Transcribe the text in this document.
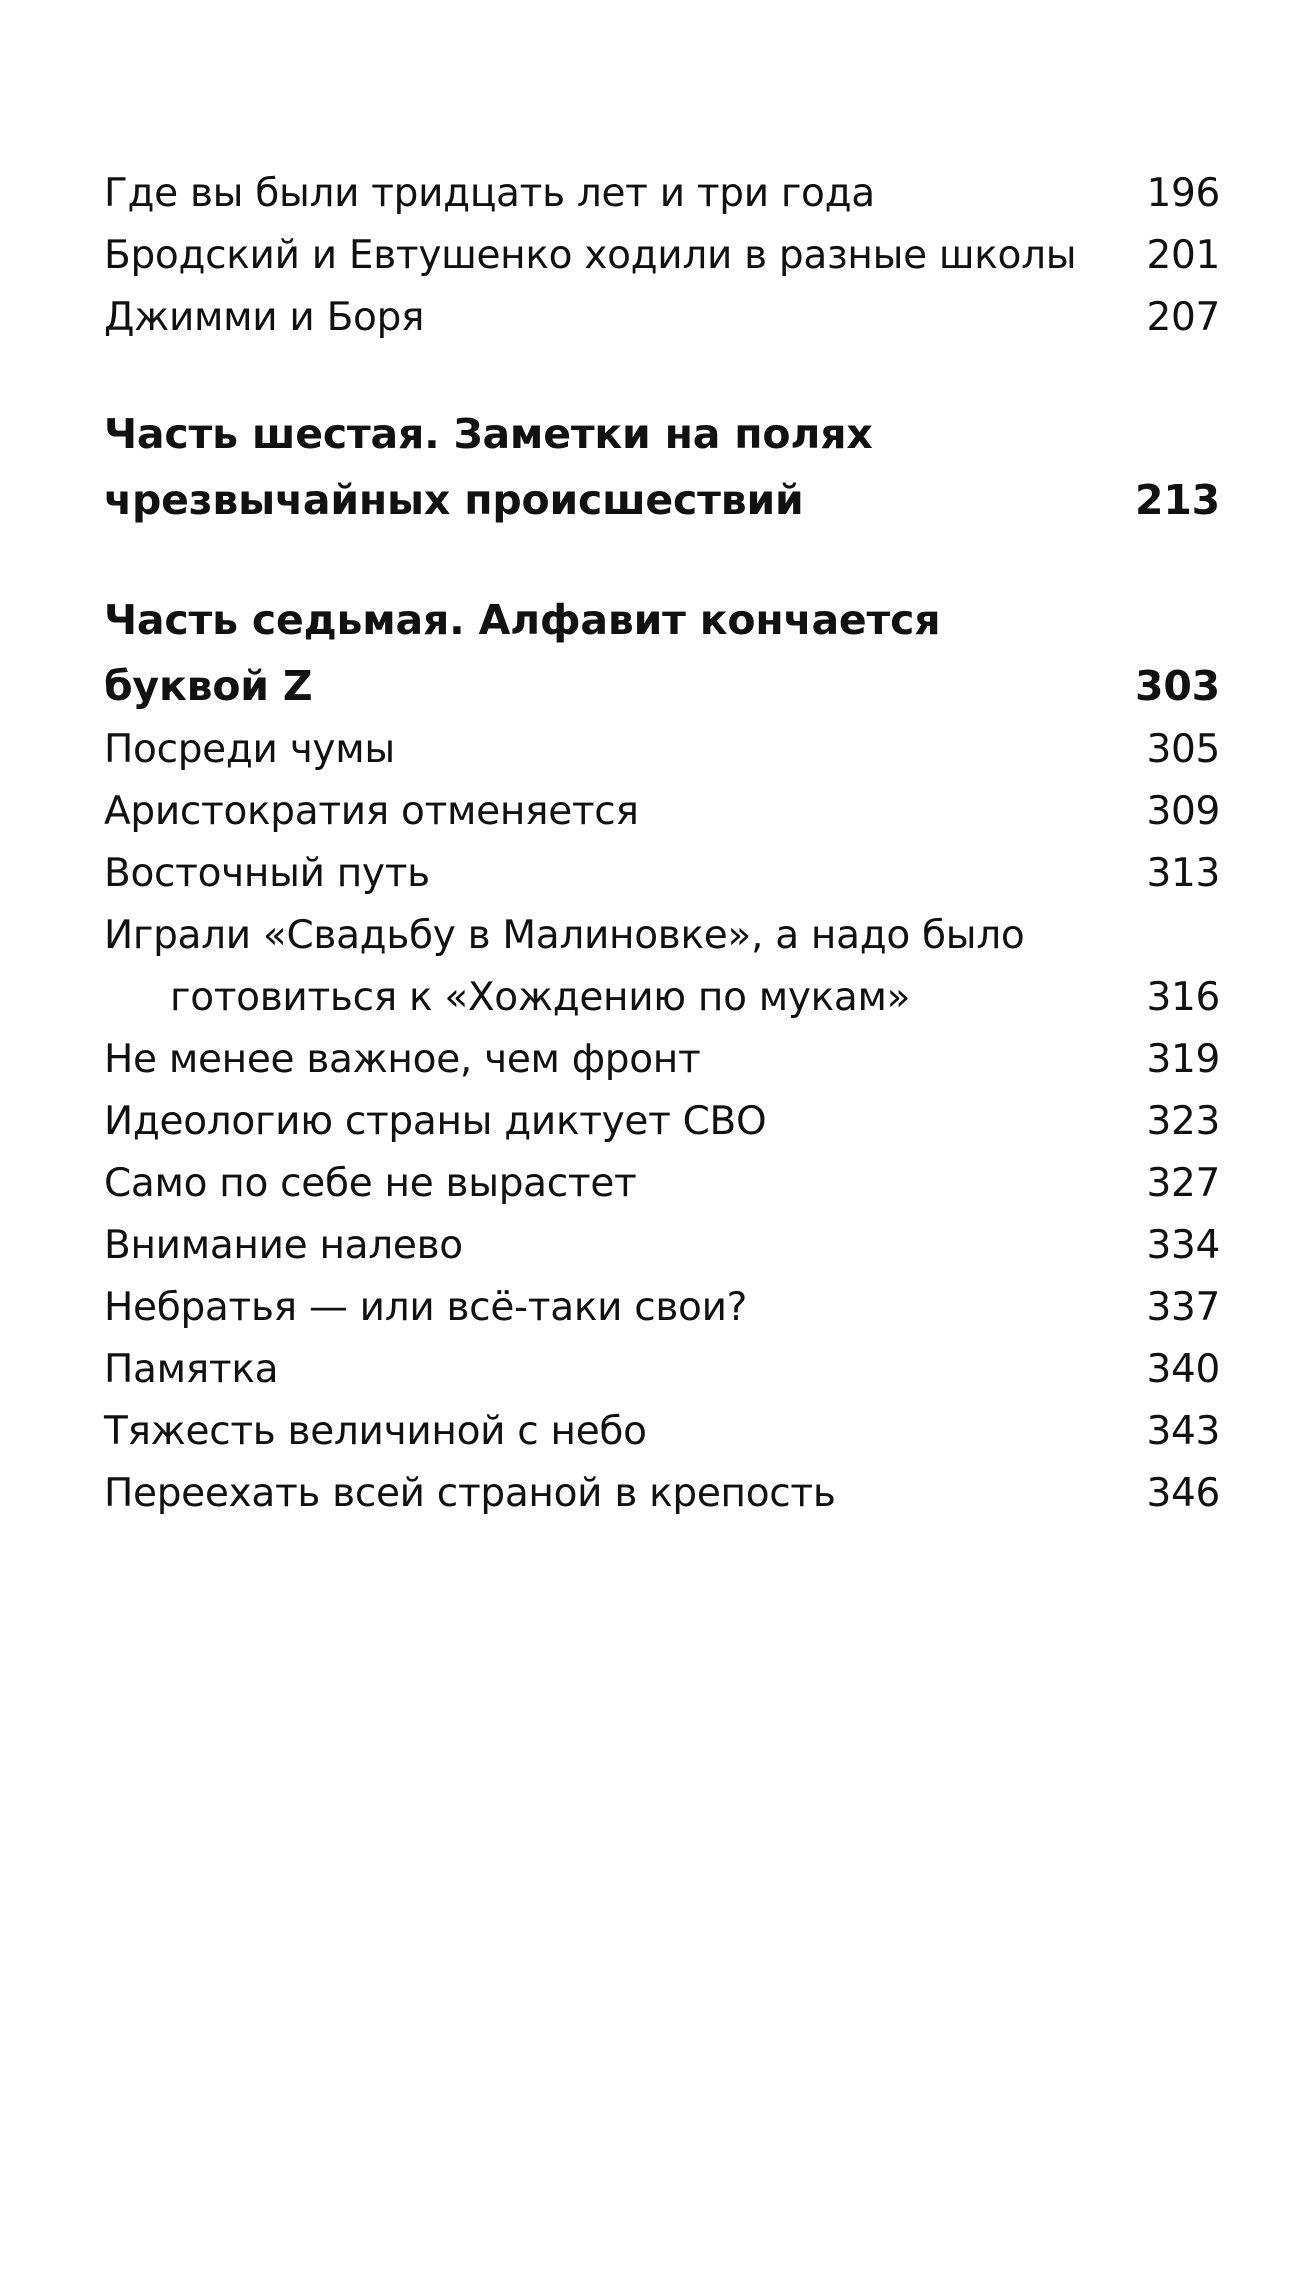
Где вы были тридцать лет и три года	196
Бродский и Евтушенко ходили в разные школы	201
Джимми и Боря	207
Часть шестая. Заметки на полях
чрезвычайных происшествий	213
Часть седьмая. Алфавит кончается
буквой Z	303
Посреди чумы	305
Аристократия отменяется	309
Восточный путь	313
Играли «Свадьбу в Малиновке», а надо было
готовиться к «Хождению по мукам»	316
Не менее важное, чем фронт	319
Идеологию страны диктует СВО	323
Само по себе не вырастет	327
Внимание налево	334
Небратья — или всё-таки свои?	337
Памятка	340
Тяжесть величиной с небо	343
Переехать всей страной в крепость	346
